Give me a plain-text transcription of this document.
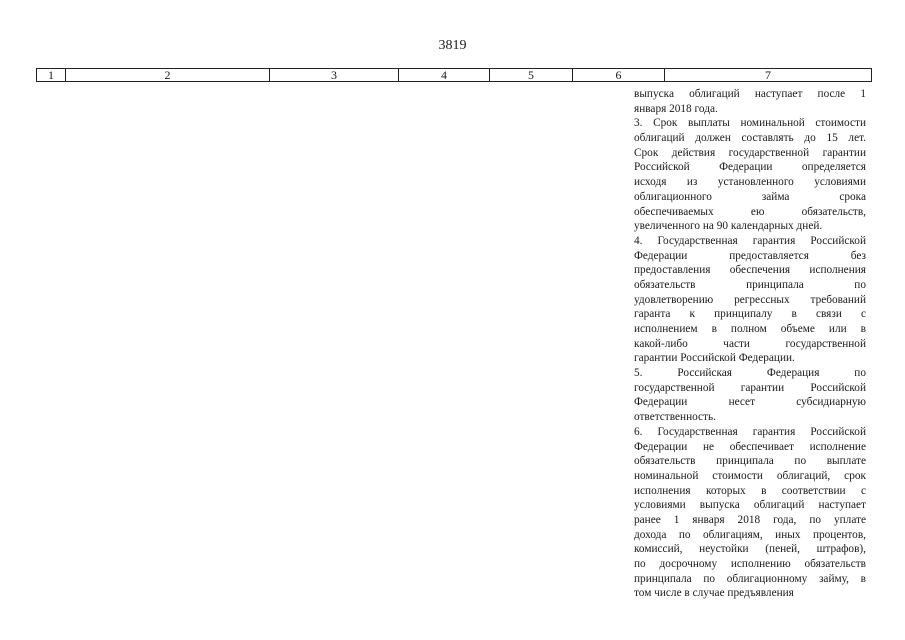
3819
1	2	3	4	5	6	7
выпуска облигаций наступает после 1
января 2018 года.
3. Срок выплаты номинальной стоимости
облигаций должен составлять до 15 лет.
Срок действия государственной гарантии
Российской Федерации определяется
исходя из установленного условиями
облигационного займа срока
обеспечиваемых ею обязательств,
увеличенного на 90 календарных дней.
4. Государственная гарантия Российской
Федерации предоставляется без
предоставления обеспечения исполнения
обязательств принципала по
удовлетворению регрессных требований
гаранта к принципалу в связи с
исполнением в полном объеме или в
какой-либо части государственной
гарантии Российской Федерации.
5. Российская Федерация по
государственной гарантии Российской
Федерации несет субсидиарную
ответственность.
6. Государственная гарантия Российской
Федерации не обеспечивает исполнение
обязательств принципала по выплате
номинальной стоимости облигаций, срок
исполнения которых в соответствии с
условиями выпуска облигаций наступает
ранее 1 января 2018 года, по уплате
дохода по облигациям, иных процентов,
комиссий, неустойки (пеней, штрафов),
по досрочному исполнению обязательств
принципала по облигационному займу, в
том числе в случае предъявления
